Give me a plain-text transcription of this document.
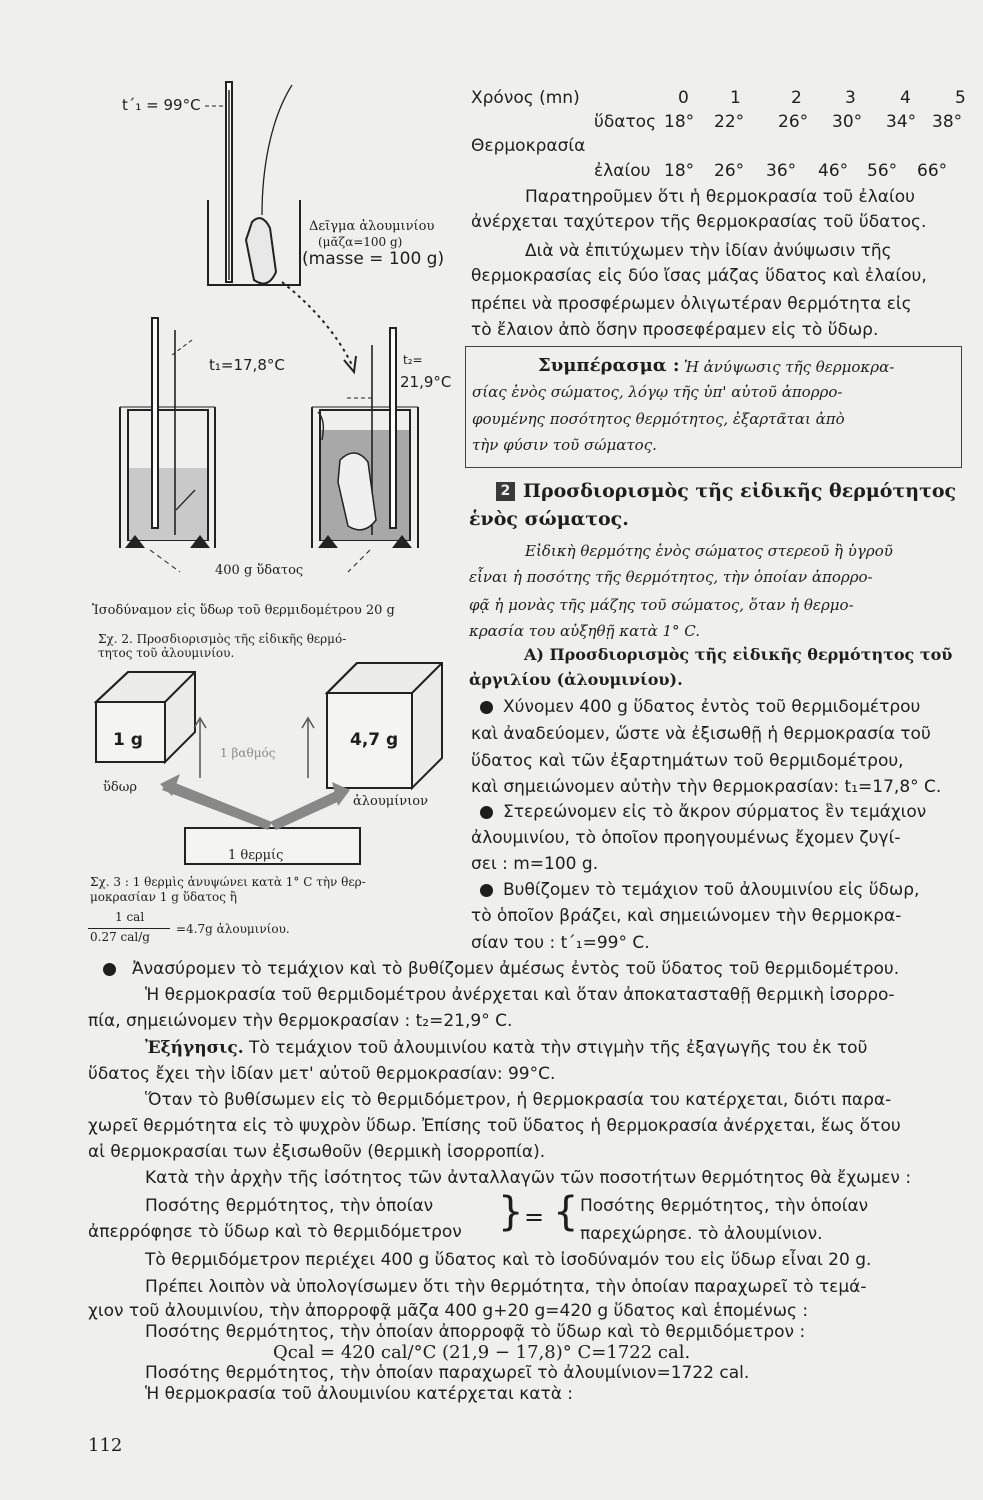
t΄₁ = 99°C
Δεῖγμα ἀλουμινίου
(μᾶζα=100 g)
(masse = 100 g)
t₁=17,8°C	t₂=
21,9°C
400 g ὕδατος
Ἰσοδύναμον εἰς ὕδωρ τοῦ θερμιδομέτρου 20 g
Σχ. 2. Προσδιορισμὸς τῆς εἰδικῆς θερμό-
τητος τοῦ ἀλουμινίου.
1 g
ὕδωρ
1 βαθμός
4,7 g
ἀλουμίνιον
1 θερμίς
Σχ. 3 : 1 θερμὶς ἀνυψώνει κατὰ 1° C τὴν θερ-
μοκρασίαν 1 g ὕδατος ἢ
1 cal
0.27 cal/g
=4.7g ἀλουμινίου.
Χρόνος (mn)	0 1	2	3	4	5
ὕδατος 18° 22° 26° 30° 34° 38°
Θερμοκρασία
ἐλαίου 18° 26° 36° 46° 56° 66°
Παρατηροῦμεν ὅτι ἡ θερμοκρασία τοῦ ἐλαίου
ἀνέρχεται ταχύτερον τῆς θερμοκρασίας τοῦ ὕδατος.
Διὰ νὰ ἐπιτύχωμεν τὴν ἰδίαν ἀνύψωσιν τῆς
θερμοκρασίας εἰς δύο ἴσας μάζας ὕδατος καὶ ἐλαίου,
πρέπει νὰ προσφέρωμεν ὀλιγωτέραν θερμότητα εἰς
τὸ ἔλαιον ἀπὸ ὅσην προσεφέραμεν εἰς τὸ ὕδωρ.
Συμπέρασμα : Ἡ ἀνύψωσις τῆς θερμοκρα-
σίας ἑνὸς σώματος, λόγῳ τῆς ὑπ' αὐτοῦ ἀπορρο-
φουμένης ποσότητος θερμότητος, ἐξαρτᾶται ἀπὸ
τὴν φύσιν τοῦ σώματος.
2 Προσδιορισμὸς τῆς εἰδικῆς θερμότητος
ἑνὸς σώματος.
Εἰδικὴ θερμότης ἑνὸς σώματος στερεοῦ ἢ ὑγροῦ
εἶναι ἡ ποσότης τῆς θερμότητος, τὴν ὁποίαν ἀπορρο-
φᾷ ἡ μονὰς τῆς μάζης τοῦ σώματος, ὅταν ἡ θερμο-
κρασία του αὐξηθῇ κατὰ 1° C.
Α) Προσδιορισμὸς τῆς εἰδικῆς θερμότητος τοῦ
ἀργιλίου (ἀλουμινίου).
Χύνομεν 400 g ὕδατος ἐντὸς τοῦ θερμιδομέτρου
καὶ ἀναδεύομεν, ὥστε νὰ ἐξισωθῇ ἡ θερμοκρασία τοῦ
ὕδατος καὶ τῶν ἐξαρτημάτων τοῦ θερμιδομέτρου,
καὶ σημειώνομεν αὐτὴν τὴν θερμοκρασίαν: t₁=17,8° C.
Στερεώνομεν εἰς τὸ ἄκρον σύρματος ἓν τεμάχιον
ἀλουμινίου, τὸ ὁποῖον προηγουμένως ἔχομεν ζυγί-
σει : m=100 g.
Βυθίζομεν τὸ τεμάχιον τοῦ ἀλουμινίου εἰς ὕδωρ,
τὸ ὁποῖον βράζει, καὶ σημειώνομεν τὴν θερμοκρα-
σίαν του : t΄₁=99° C.
Ἀνασύρομεν τὸ τεμάχιον καὶ τὸ βυθίζομεν ἀμέσως ἐντὸς τοῦ ὕδατος τοῦ θερμιδομέτρου.
Ἡ θερμοκρασία τοῦ θερμιδομέτρου ἀνέρχεται καὶ ὅταν ἀποκατασταθῇ θερμικὴ ἰσορρο-
πία, σημειώνομεν τὴν θερμοκρασίαν : t₂=21,9° C.
Ἐξήγησις. Τὸ τεμάχιον τοῦ ἀλουμινίου κατὰ τὴν στιγμὴν τῆς ἐξαγωγῆς του ἐκ τοῦ
ὕδατος ἔχει τὴν ἰδίαν μετ' αὐτοῦ θερμοκρασίαν: 99°C.
Ὅταν τὸ βυθίσωμεν εἰς τὸ θερμιδόμετρον, ἡ θερμοκρασία του κατέρχεται, διότι παρα-
χωρεῖ θερμότητα εἰς τὸ ψυχρὸν ὕδωρ. Ἐπίσης τοῦ ὕδατος ἡ θερμοκρασία ἀνέρχεται, ἕως ὅτου
αἱ θερμοκρασίαι των ἐξισωθοῦν (θερμικὴ ἰσορροπία).
Κατὰ τὴν ἀρχὴν τῆς ἰσότητος τῶν ἀνταλλαγῶν τῶν ποσοτήτων θερμότητος θὰ ἔχωμεν :
Ποσότης θερμότητος, τὴν ὁποίαν
ἀπερρόφησε τὸ ὕδωρ καὶ τὸ θερμιδόμετρον } = { Ποσότης θερμότητος, τὴν ὁποίαν
παρεχώρησε. τὸ ἀλουμίνιον.
Τὸ θερμιδόμετρον περιέχει 400 g ὕδατος καὶ τὸ ἰσοδύναμόν του εἰς ὕδωρ εἶναι 20 g.
Πρέπει λοιπὸν νὰ ὑπολογίσωμεν ὅτι τὴν θερμότητα, τὴν ὁποίαν παραχωρεῖ τὸ τεμά-
χιον τοῦ ἀλουμινίου, τὴν ἀπορροφᾷ μᾶζα 400 g+20 g=420 g ὕδατος καὶ ἑπομένως :
Ποσότης θερμότητος, τὴν ὁποίαν ἀπορροφᾷ τὸ ὕδωρ καὶ τὸ θερμιδόμετρον :
Qcal = 420 cal/°C (21,9 − 17,8)° C=1722 cal.
Ποσότης θερμότητος, τὴν ὁποίαν παραχωρεῖ τὸ ἀλουμίνιον=1722 cal.
Ἡ θερμοκρασία τοῦ ἀλουμινίου κατέρχεται κατὰ :
112
